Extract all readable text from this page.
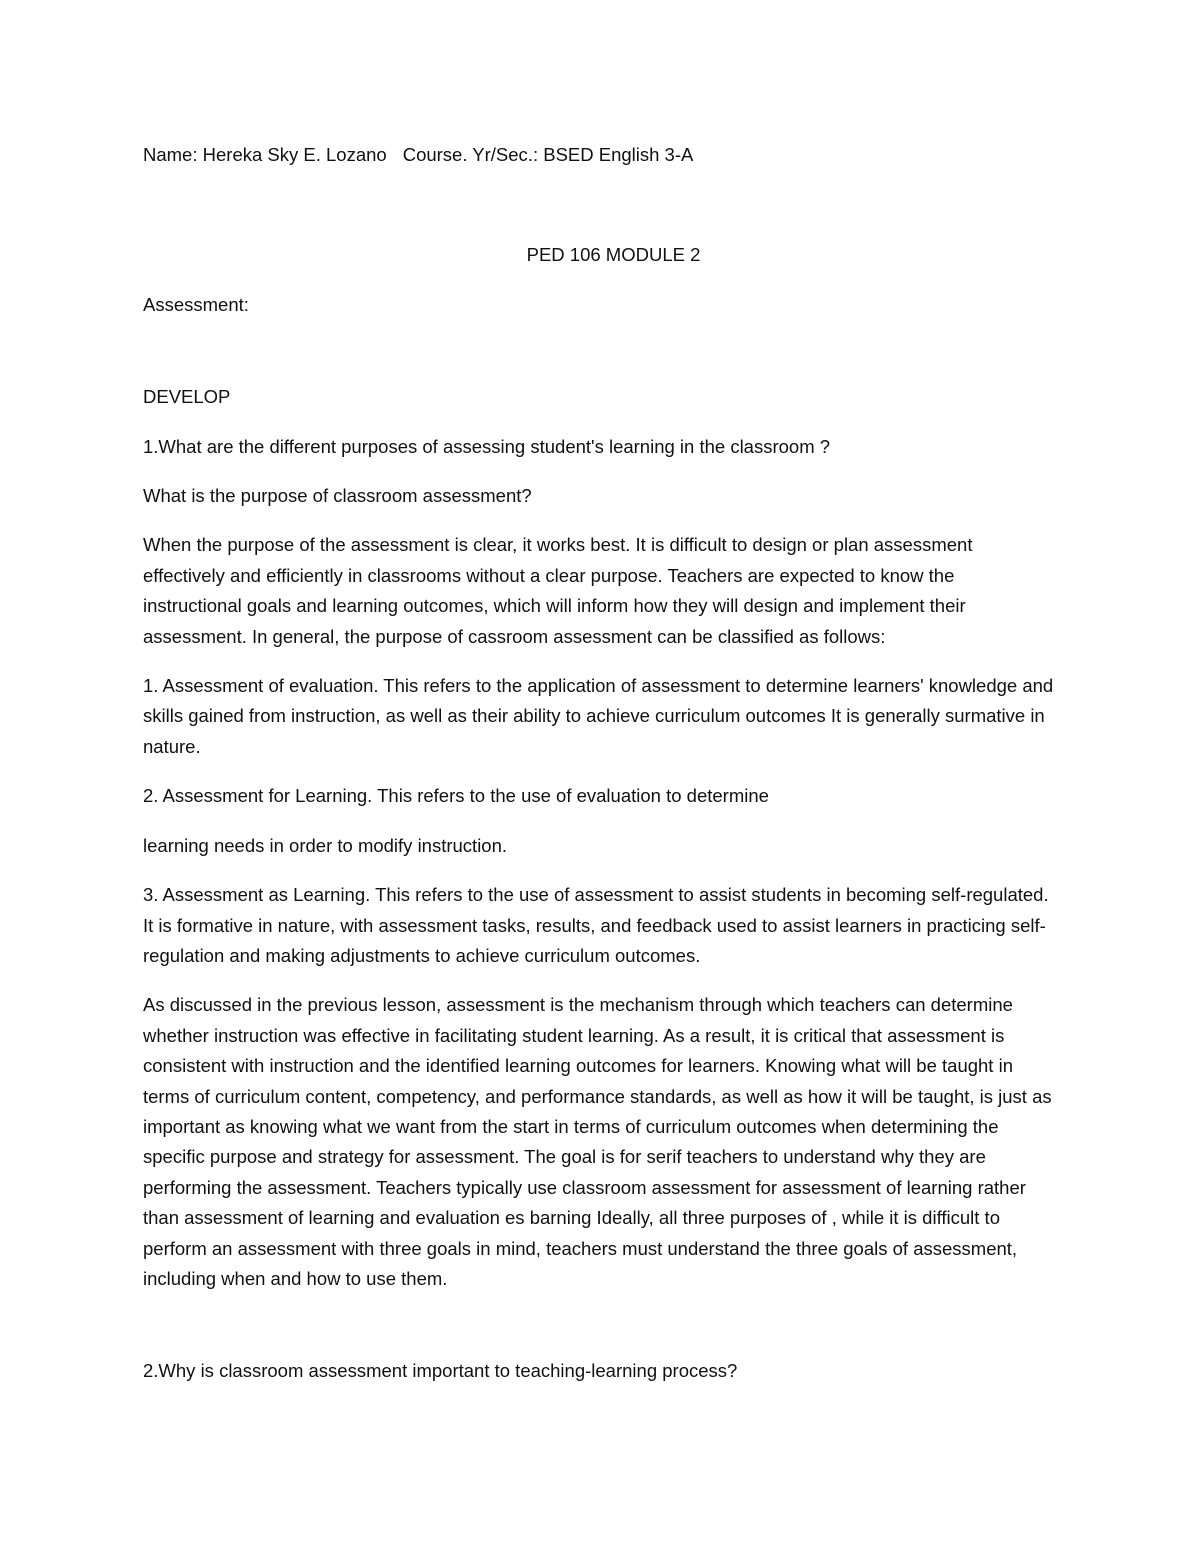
Name: Hereka Sky E. Lozano Course. Yr/Sec.: BSED English 3-A

PED 106 MODULE 2

Assessment:

DEVELOP

1.What are the different purposes of assessing student's learning in the classroom ?

What is the purpose of classroom assessment?

When the purpose of the assessment is clear, it works best. It is difficult to design or plan assessment effectively and efficiently in classrooms without a clear purpose. Teachers are expected to know the instructional goals and learning outcomes, which will inform how they will design and implement their assessment. In general, the purpose of cassroom assessment can be classified as follows:

1. Assessment of evaluation. This refers to the application of assessment to determine learners' knowledge and skills gained from instruction, as well as their ability to achieve curriculum outcomes It is generally surmative in nature.

2. Assessment for Learning. This refers to the use of evaluation to determine

learning needs in order to modify instruction.

3. Assessment as Learning. This refers to the use of assessment to assist students in becoming self-regulated. It is formative in nature, with assessment tasks, results, and feedback used to assist learners in practicing self-regulation and making adjustments to achieve curriculum outcomes.

As discussed in the previous lesson, assessment is the mechanism through which teachers can determine whether instruction was effective in facilitating student learning. As a result, it is critical that assessment is consistent with instruction and the identified learning outcomes for learners. Knowing what will be taught in terms of curriculum content, competency, and performance standards, as well as how it will be taught, is just as important as knowing what we want from the start in terms of curriculum outcomes when determining the specific purpose and strategy for assessment. The goal is for serif teachers to understand why they are performing the assessment. Teachers typically use classroom assessment for assessment of learning rather than assessment of learning and evaluation es barning Ideally, all three purposes of , while it is difficult to perform an assessment with three goals in mind, teachers must understand the three goals of assessment, including when and how to use them.

2.Why is classroom assessment important to teaching-learning process?
